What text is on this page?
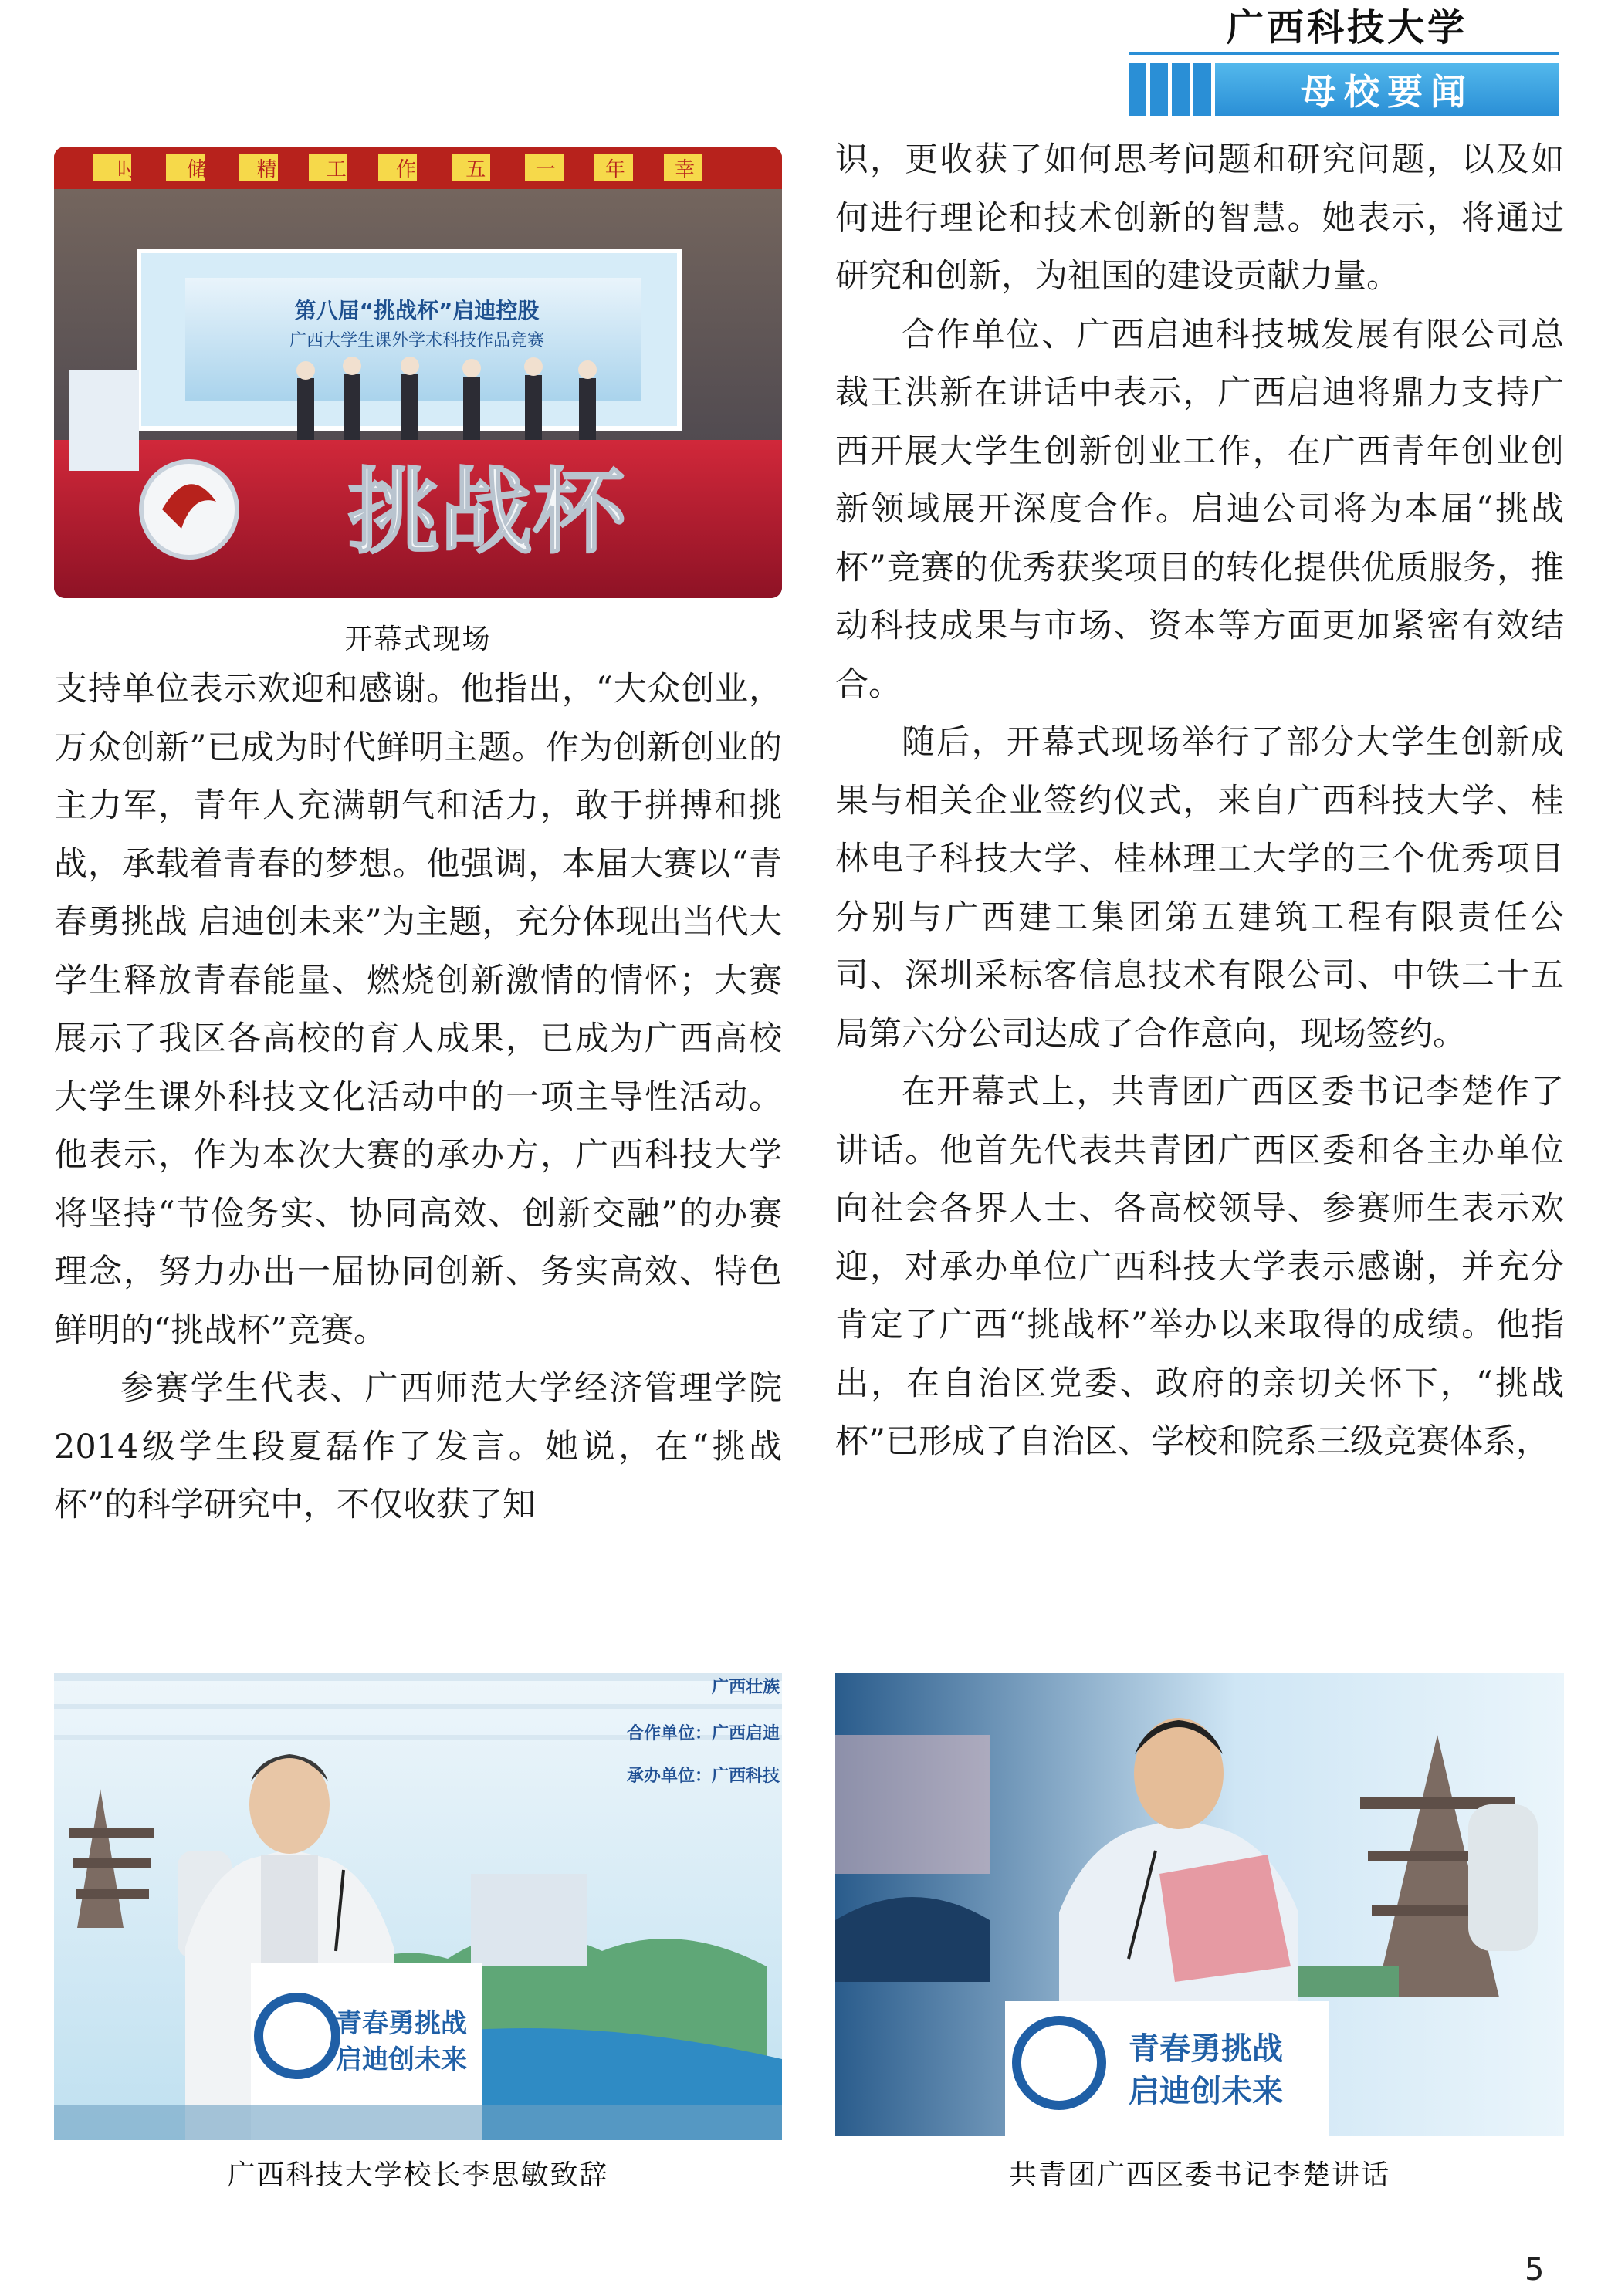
广西科技大学
母校要闻
时 储 精 工 作 五 一 年 幸
第八届“挑战杯”启迪控股
广西大学生课外学术科技作品竞赛
挑战杯
开幕式现场

支持单位表示欢迎和感谢。他指出，“大众创业，万众创新”已成为时代鲜明主题。作为创新创业的主力军，青年人充满朝气和活力，敢于拼搏和挑战，承载着青春的梦想。他强调，本届大赛以“青春勇挑战 启迪创未来”为主题，充分体现出当代大学生释放青春能量、燃烧创新激情的情怀；大赛展示了我区各高校的育人成果，已成为广西高校大学生课外科技文化活动中的一项主导性活动。他表示，作为本次大赛的承办方，广西科技大学将坚持“节俭务实、协同高效、创新交融”的办赛理念，努力办出一届协同创新、务实高效、特色鲜明的“挑战杯”竞赛。

参赛学生代表、广西师范大学经济管理学院2014级学生段夏磊作了发言。她说，在“挑战杯”的科学研究中，不仅收获了知

识，更收获了如何思考问题和研究问题，以及如何进行理论和技术创新的智慧。她表示，将通过研究和创新，为祖国的建设贡献力量。

合作单位、广西启迪科技城发展有限公司总裁王洪新在讲话中表示，广西启迪将鼎力支持广西开展大学生创新创业工作，在广西青年创业创新领域展开深度合作。启迪公司将为本届“挑战杯”竞赛的优秀获奖项目的转化提供优质服务，推动科技成果与市场、资本等方面更加紧密有效结合。

随后，开幕式现场举行了部分大学生创新成果与相关企业签约仪式，来自广西科技大学、桂林电子科技大学、桂林理工大学的三个优秀项目分别与广西建工集团第五建筑工程有限责任公司、深圳采标客信息技术有限公司、中铁二十五局第六分公司达成了合作意向，现场签约。

在开幕式上，共青团广西区委书记李楚作了讲话。他首先代表共青团广西区委和各主办单位向社会各界人士、各高校领导、参赛师生表示欢迎，对承办单位广西科技大学表示感谢，并充分肯定了广西“挑战杯”举办以来取得的成绩。他指出，在自治区党委、政府的亲切关怀下，“挑战杯”已形成了自治区、学校和院系三级竞赛体系，

广西壮族
合作单位：广西启迪
承办单位：广西科技
青春勇挑战
启迪创未来
广西科技大学校长李思敏致辞
青春勇挑战
启迪创未来
共青团广西区委书记李楚讲话
5
